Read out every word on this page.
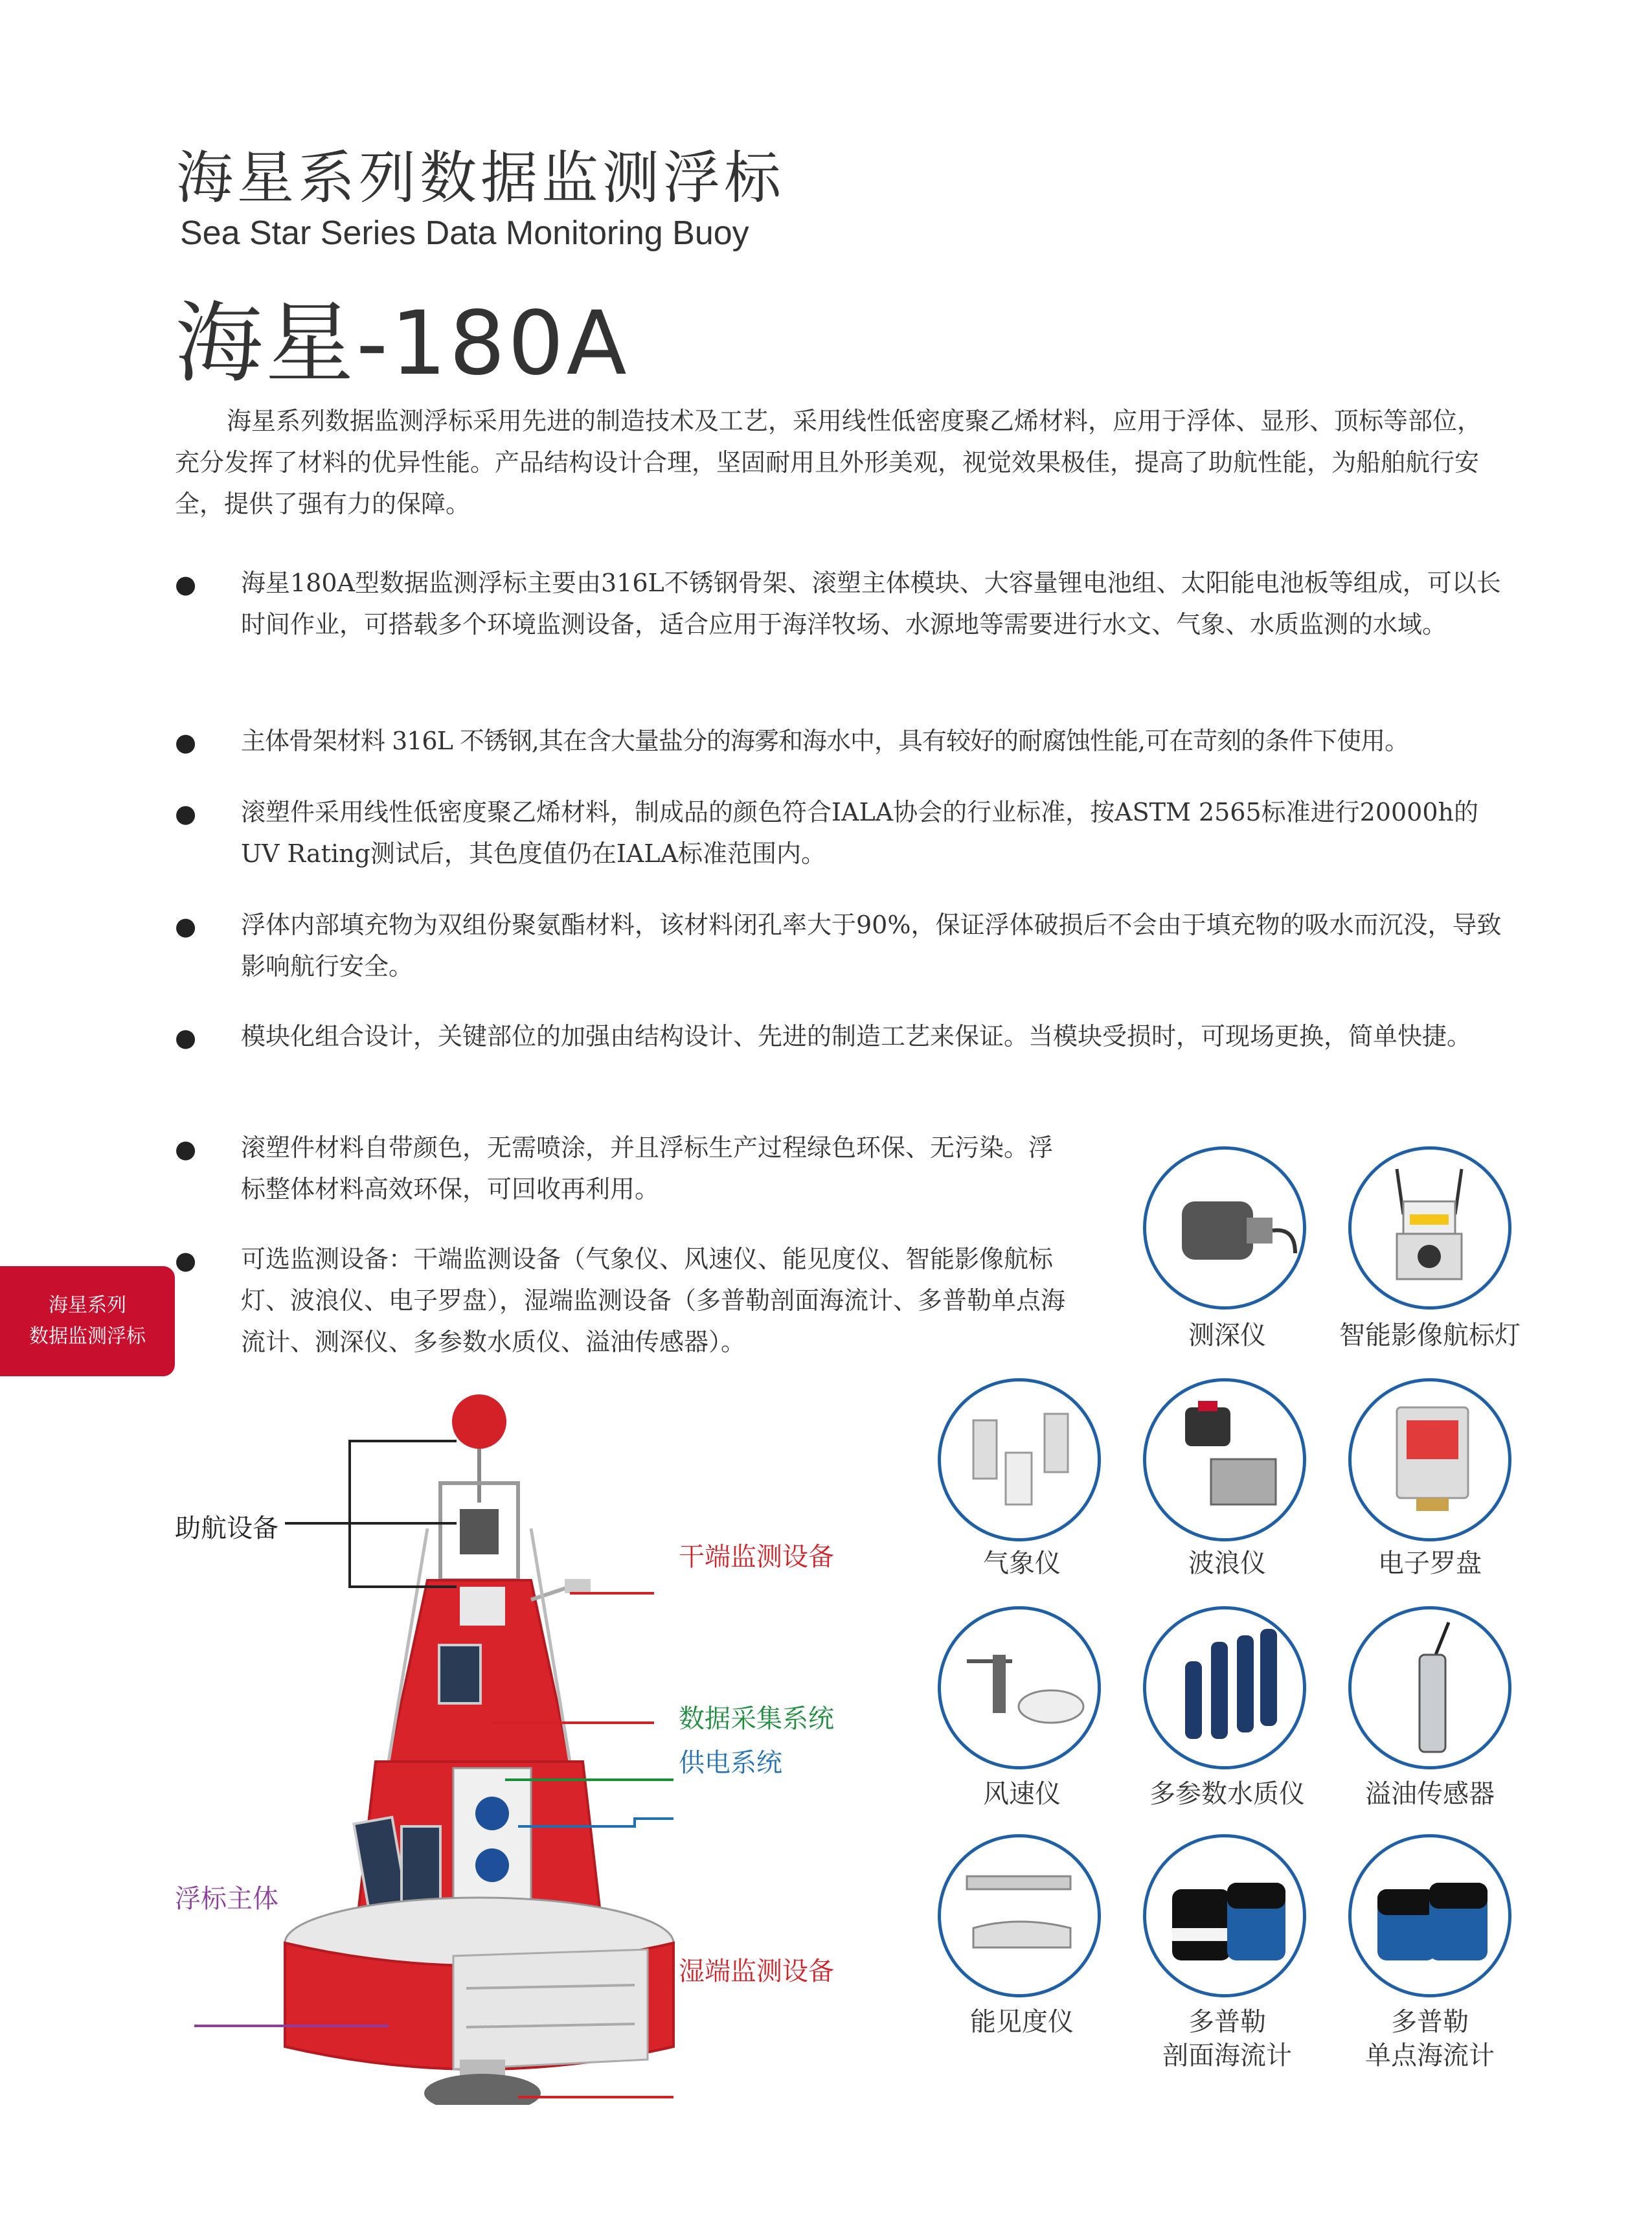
海星系列数据监测浮标
Sea Star Series Data Monitoring Buoy
海星-180A
海星系列数据监测浮标采用先进的制造技术及工艺，采用线性低密度聚乙烯材料，应用于浮体、显形、顶标等部位，充分发挥了材料的优异性能。产品结构设计合理，坚固耐用且外形美观，视觉效果极佳，提高了助航性能，为船舶航行安全，提供了强有力的保障。
● 海星180A型数据监测浮标主要由316L不锈钢骨架、滚塑主体模块、大容量锂电池组、太阳能电池板等组成，可以长时间作业，可搭载多个环境监测设备，适合应用于海洋牧场、水源地等需要进行水文、气象、水质监测的水域。
● 主体骨架材料 316L 不锈钢,其在含大量盐分的海雾和海水中，具有较好的耐腐蚀性能,可在苛刻的条件下使用。
● 滚塑件采用线性低密度聚乙烯材料，制成品的颜色符合IALA协会的行业标准，按ASTM 2565标准进行20000h的UV Rating测试后，其色度值仍在IALA标准范围内。
● 浮体内部填充物为双组份聚氨酯材料，该材料闭孔率大于90%，保证浮体破损后不会由于填充物的吸水而沉没，导致影响航行安全。
● 模块化组合设计，关键部位的加强由结构设计、先进的制造工艺来保证。当模块受损时，可现场更换，简单快捷。
● 滚塑件材料自带颜色，无需喷涂，并且浮标生产过程绿色环保、无污染。浮标整体材料高效环保，可回收再利用。
● 可选监测设备：干端监测设备（气象仪、风速仪、能见度仪、智能影像航标灯、波浪仪、电子罗盘），湿端监测设备（多普勒剖面海流计、多普勒单点海流计、测深仪、多参数水质仪、溢油传感器）。
海星系列
数据监测浮标
助航设备
干端监测设备
数据采集系统
供电系统
浮标主体
湿端监测设备
测深仪	智能影像航标灯
气象仪	波浪仪	电子罗盘
风速仪	多参数水质仪	溢油传感器
能见度仪	多普勒
剖面海流计
多普勒
单点海流计
